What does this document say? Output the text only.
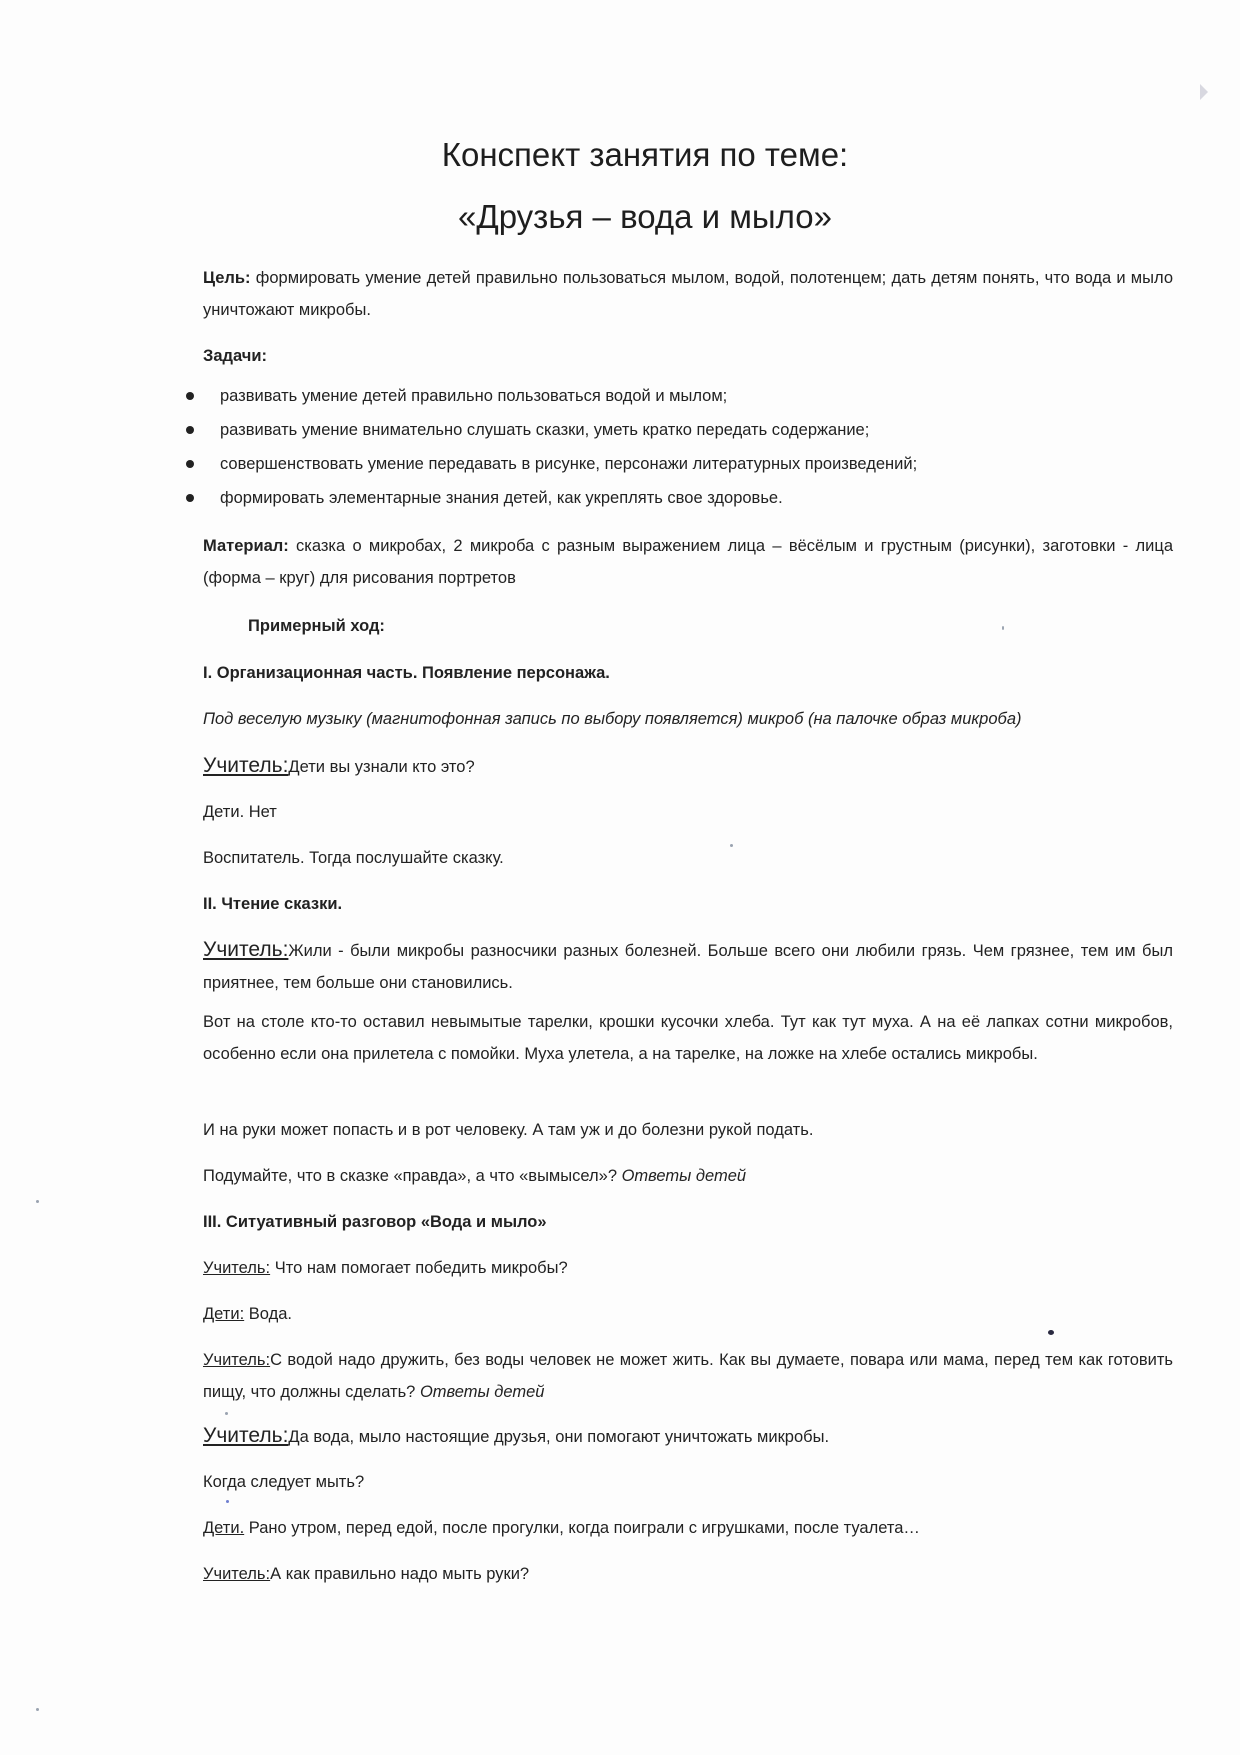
Конспект занятия по теме:
«Друзья – вода и мыло»
Цель: формировать умение детей правильно пользоваться мылом, водой, полотенцем; дать детям понять, что вода и мыло уничтожают микробы.
Задачи:
развивать умение детей правильно пользоваться водой и мылом;
развивать умение внимательно слушать сказки, уметь кратко передать содержание;
совершенствовать умение передавать в рисунке, персонажи литературных произведений;
формировать элементарные знания детей, как укреплять свое здоровье.
Материал: сказка о микробах, 2 микроба с разным выражением лица – вёсёлым и грустным (рисунки), заготовки - лица (форма – круг) для рисования портретов
Примерный ход:
I. Организационная часть. Появление персонажа.
Под веселую музыку (магнитофонная запись по выбору появляется) микроб (на палочке образ микроба)
Учитель:Дети вы узнали кто это?
Дети. Нет
Воспитатель. Тогда послушайте сказку.
II. Чтение сказки.
Учитель:Жили - были микробы разносчики разных болезней. Больше всего они любили грязь. Чем грязнее, тем им был приятнее, тем больше они становились.
Вот на столе кто-то оставил невымытые тарелки, крошки кусочки хлеба. Тут как тут муха. А на её лапках сотни микробов, особенно если она прилетела с помойки. Муха улетела, а на тарелке, на ложке на хлебе остались микробы.
И на руки может попасть и в рот человеку. А там уж и до болезни рукой подать.
Подумайте, что в сказке «правда», а что «вымысел»? Ответы детей
III. Ситуативный разговор «Вода и мыло»
Учитель: Что нам помогает победить микробы?
Дети: Вода.
Учитель:С водой надо дружить, без воды человек не может жить. Как вы думаете, повара или мама, перед тем как готовить пищу, что должны сделать? Ответы детей
Учитель:Да вода, мыло настоящие друзья, они помогают уничтожать микробы.
Когда следует мыть?
Дети. Рано утром, перед едой, после прогулки, когда поиграли с игрушками, после туалета…
Учитель:А как правильно надо мыть руки?
